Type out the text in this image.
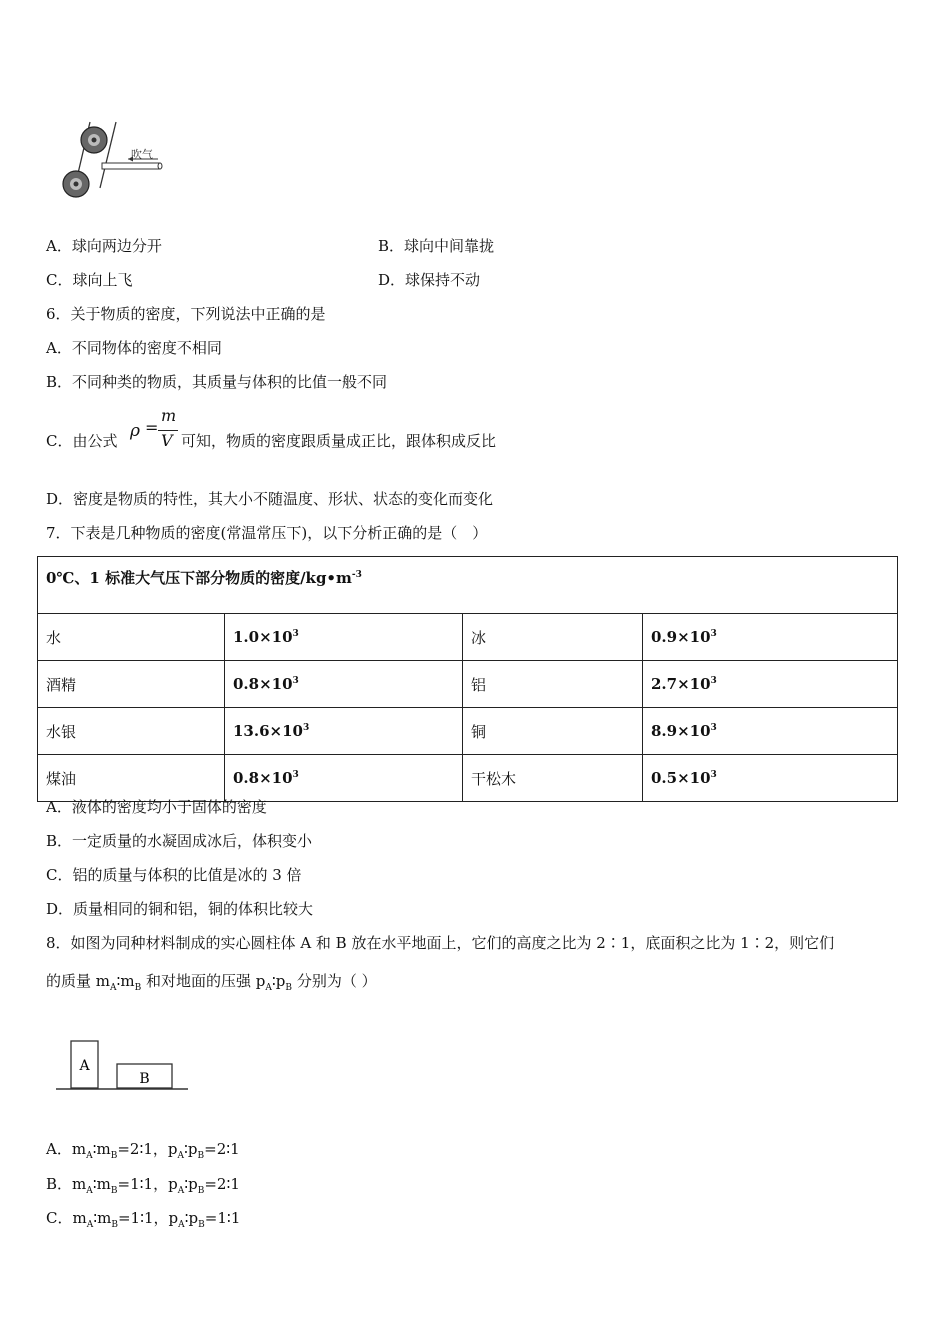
吹气
A．球向两边分开	B．球向中间靠拢
C．球向上飞	D．球保持不动
6．关于物质的密度，下列说法中正确的是
A．不同物体的密度不相同
B．不同种类的物质，其质量与体积的比值一般不同
C．由公式 ρ =
m
V 可知，物质的密度跟质量成正比，跟体积成反比
D．密度是物质的特性，其大小不随温度、形状、状态的变化而变化
7．下表是几种物质的密度(常温常压下)，以下分析正确的是（　）
0℃、1 标准大气压下部分物质的密度$/kg•m^{-3}$
水	$1.0\times 10^3$	冰	$0.9\times 10^3$
酒精	$0.8\times 10^3$	铝	$2.7\times 10^3$
水银	$13.6\times 10^3$	铜	$8.9\times 10^3$
煤油	$0.8\times 10^3$	干松木	$0.5\times 10^3$
A．液体的密度均小于固体的密度
B．一定质量的水凝固成冰后，体积变小
C．铝的质量与体积的比值是冰的 3 倍
D．质量相同的铜和铝，铜的体积比较大
8．如图为同种材料制成的实心圆柱体 A 和 B 放在水平地面上，它们的高度之比为 2∶1，底面积之比为 1∶2，则它们
的质量 $m_A∶m_B$ 和对地面的压强 $p_A∶p_B$ 分别为（ ）
A
B
A．$m_A∶m_B=2∶1$，$p_A∶p_B=2∶1$
B．$m_A∶m_B=1∶1$，$p_A∶p_B=2∶1$
C．$m_A∶m_B=1∶1$，$p_A∶p_B=1∶1$
